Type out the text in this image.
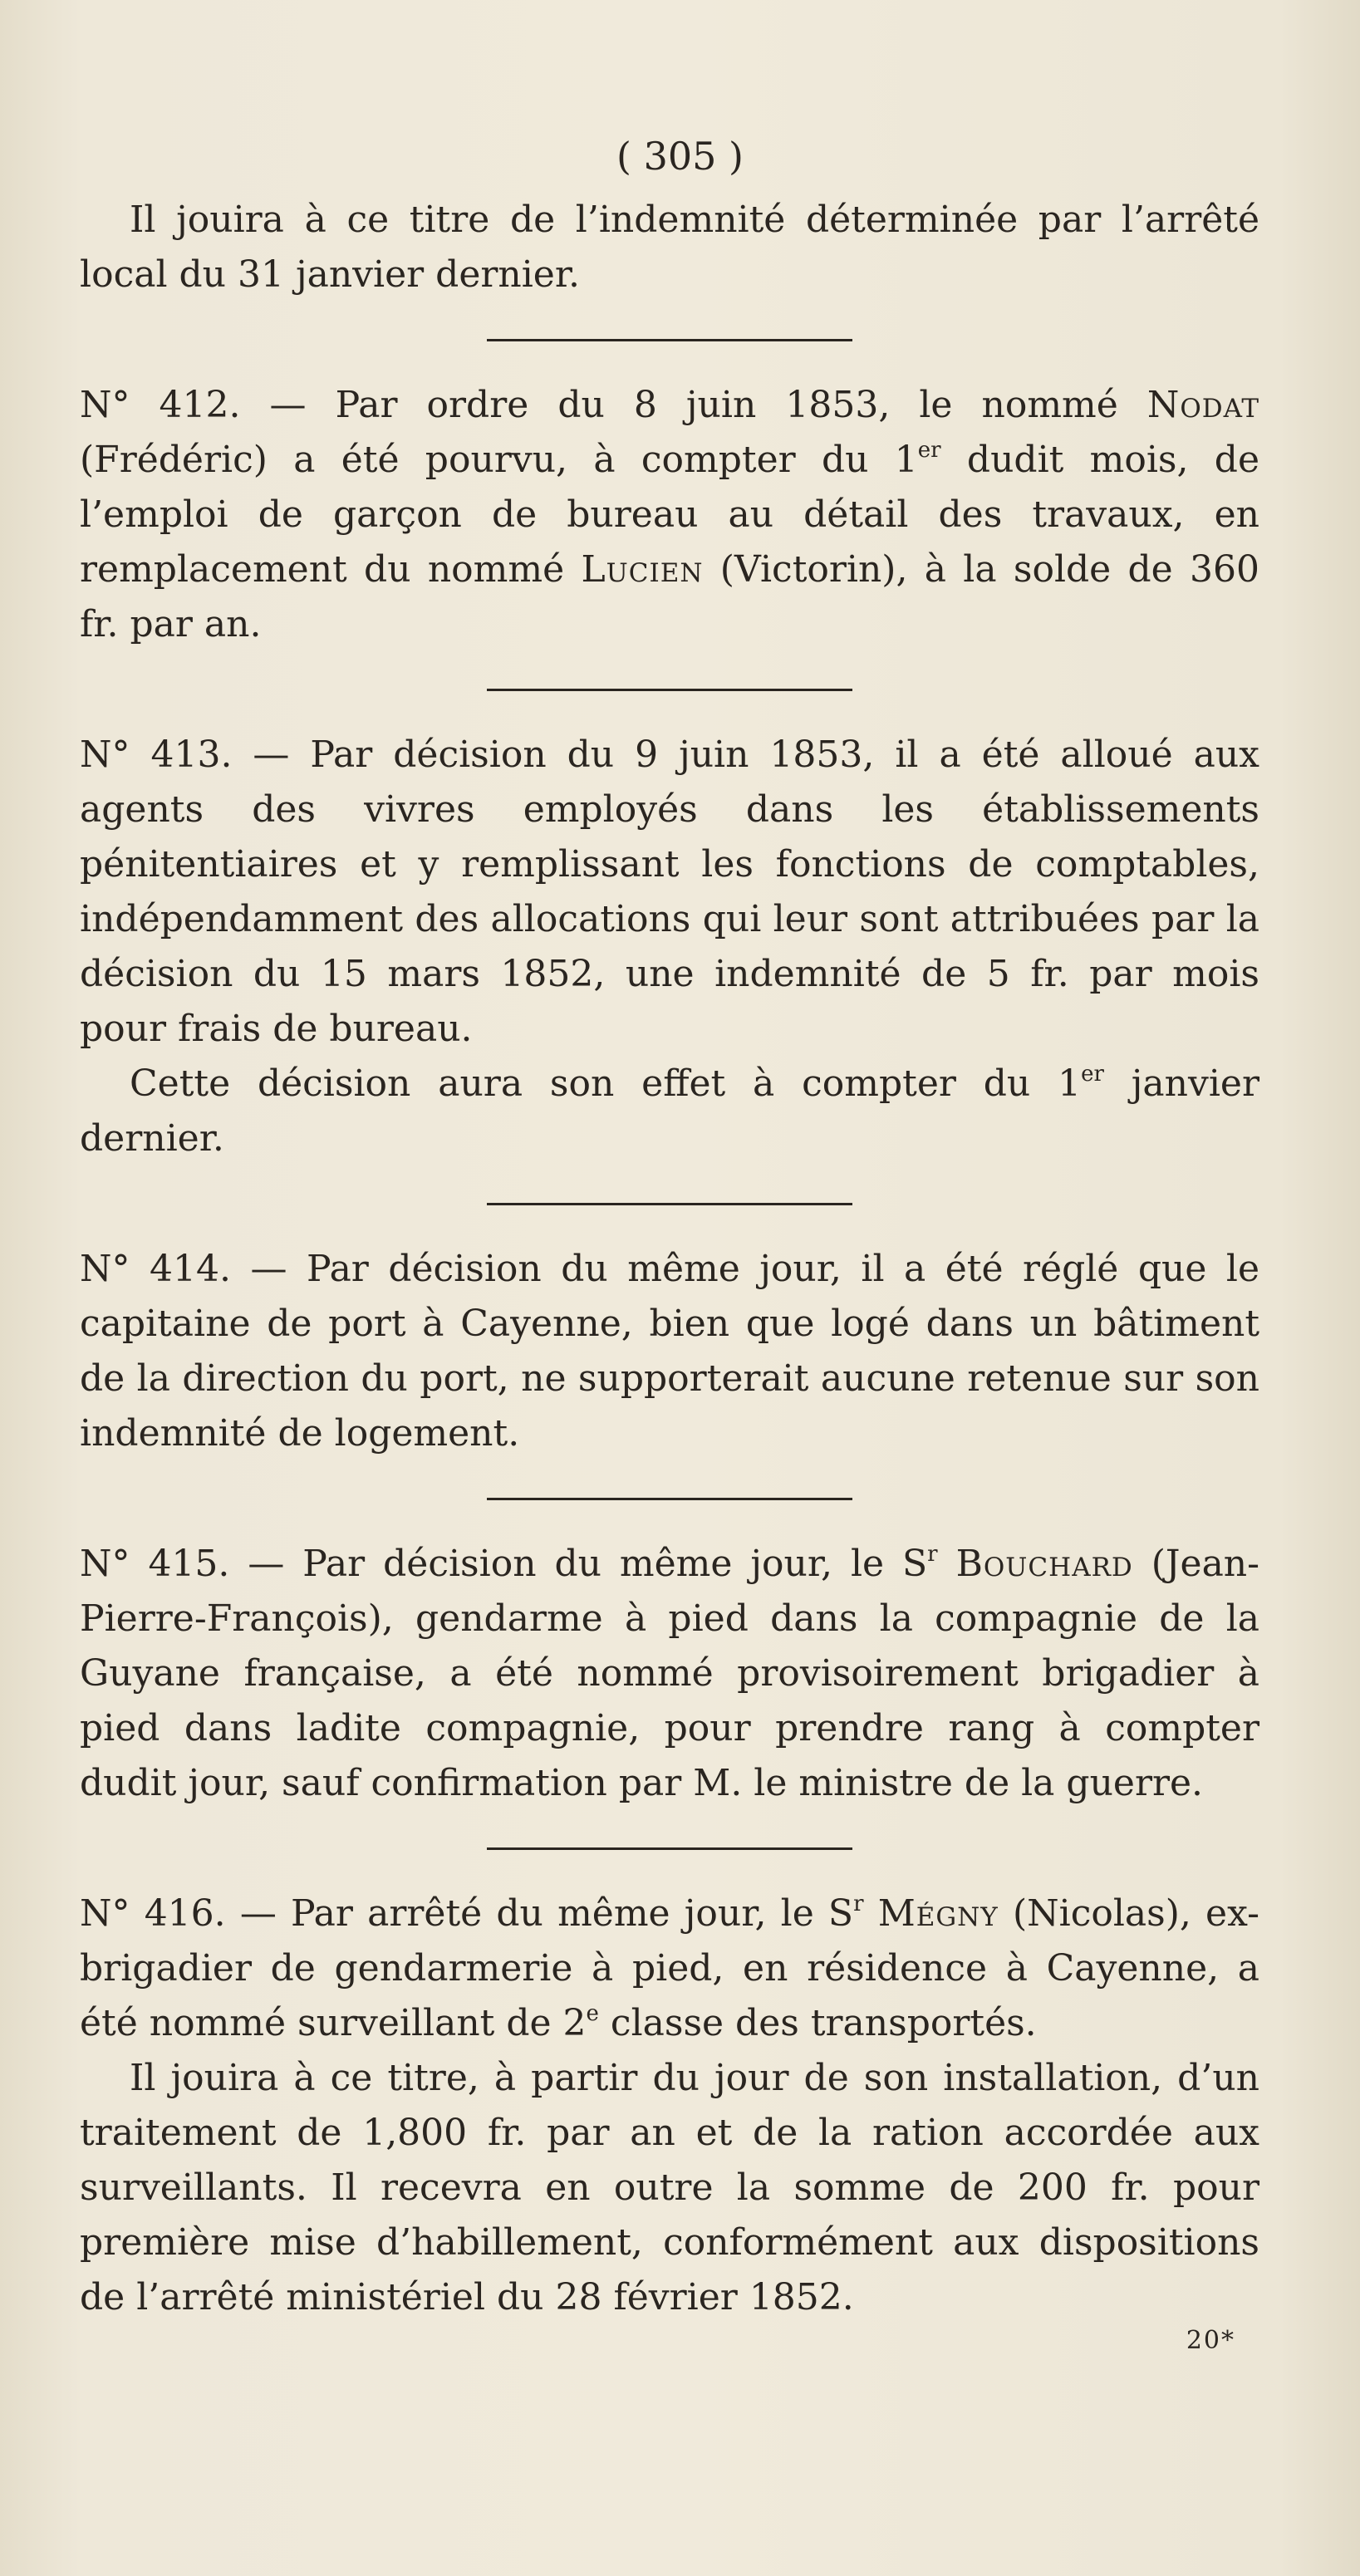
( 305 )

Il jouira à ce titre de l’indemnité déterminée par l’arrêté local du 31 janvier dernier.

N° 412. — Par ordre du 8 juin 1853, le nommé Nodat (Frédéric) a été pourvu, à compter du 1er dudit mois, de l’emploi de garçon de bureau au détail des travaux, en remplacement du nommé Lucien (Victorin), à la solde de 360 fr. par an.

N° 413. — Par décision du 9 juin 1853, il a été alloué aux agents des vivres employés dans les établissements pénitentiaires et y remplissant les fonctions de comptables, indépendamment des allocations qui leur sont attribuées par la décision du 15 mars 1852, une indemnité de 5 fr. par mois pour frais de bureau.

Cette décision aura son effet à compter du 1er janvier dernier.

N° 414. — Par décision du même jour, il a été réglé que le capitaine de port à Cayenne, bien que logé dans un bâtiment de la direction du port, ne supporterait aucune retenue sur son indemnité de logement.

N° 415. — Par décision du même jour, le $S^r$ Bouchard (Jean-Pierre-François), gendarme à pied dans la compagnie de la Guyane française, a été nommé provisoirement brigadier à pied dans ladite compagnie, pour prendre rang à compter dudit jour, sauf confirmation par M. le ministre de la guerre.

N° 416. — Par arrêté du même jour, le $S^r$ Mégny (Nicolas), ex-brigadier de gendarmerie à pied, en résidence à Cayenne, a été nommé surveillant de 2e classe des transportés.

Il jouira à ce titre, à partir du jour de son installation, d’un traitement de 1,800 fr. par an et de la ration accordée aux surveillants. Il recevra en outre la somme de 200 fr. pour première mise d’habillement, conformément aux dispositions de l’arrêté ministériel du 28 février 1852.

20*
